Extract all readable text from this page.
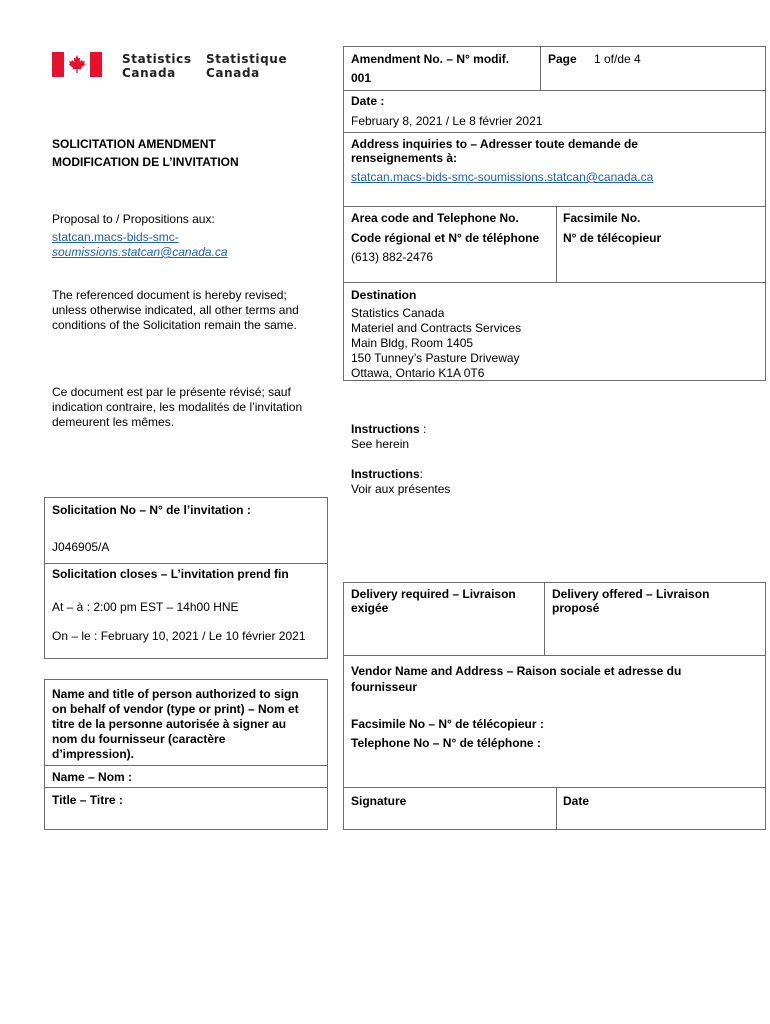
Statistics
Canada
Statistique
Canada
Amendment No. – N° modif.
001
Page 1 of/de 4
Date :
February 8, 2021 / Le 8 février 2021
Address inquiries to – Adresser toute demande de
renseignements à:
statcan.macs-bids-smc-soumissions.statcan@canada.ca
Area code and Telephone No.
Code régional et N° de téléphone
(613) 882-2476
Facsimile No.
N° de télécopieur
Destination
Statistics Canada
Materiel and Contracts Services
Main Bldg, Room 1405
150 Tunney’s Pasture Driveway
Ottawa, Ontario K1A 0T6
SOLICITATION AMENDMENT
MODIFICATION DE L’INVITATION
Proposal to / Propositions aux:
statcan.macs-bids-smc-
soumissions.statcan@canada.ca
The referenced document is hereby revised;
unless otherwise indicated, all other terms and
conditions of the Solicitation remain the same.
Ce document est par le présente révisé; sauf
indication contraire, les modalités de l’invitation
demeurent les mêmes.	Instructions :
See herein
Instructions:
Voir aux présentes
Solicitation No – N° de l’invitation :
J046905/A
Solicitation closes – L’invitation prend fin
At – à : 2:00 pm EST – 14h00 HNE
On – le : February 10, 2021 / Le 10 février 2021
Delivery required – Livraison
exigée
Delivery offered – Livraison
proposé
Vendor Name and Address – Raison sociale et adresse du
fournisseur
Facsimile No – N° de télécopieur :
Telephone No – N° de téléphone :
Signature	Date
Name and title of person authorized to sign
on behalf of vendor (type or print) – Nom et
titre de la personne autorisée à signer au
nom du fournisseur (caractère
d’impression).
Name – Nom :
Title – Titre :
